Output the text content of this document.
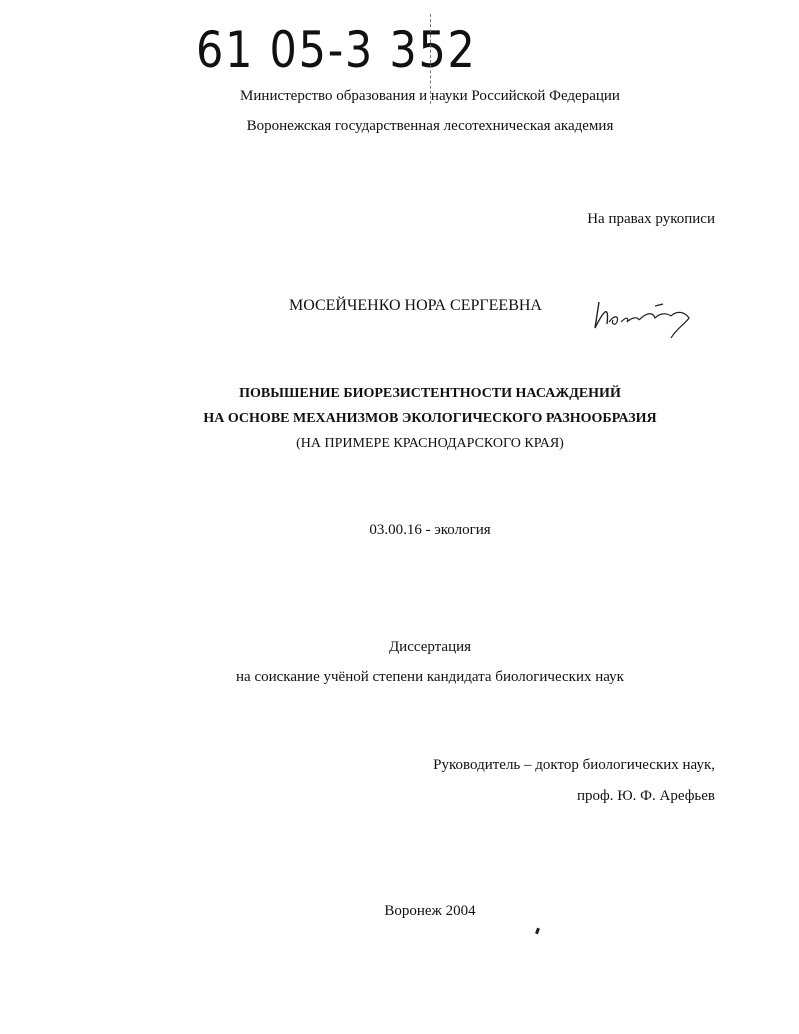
61 05-3 352
Министерство образования и науки Российской Федерации
Воронежская государственная лесотехническая академия
На правах рукописи
МОСЕЙЧЕНКО НОРА СЕРГЕЕВНА
ПОВЫШЕНИЕ БИОРЕЗИСТЕНТНОСТИ НАСАЖДЕНИЙ
НА ОСНОВЕ МЕХАНИЗМОВ ЭКОЛОГИЧЕСКОГО РАЗНООБРАЗИЯ
(НА ПРИМЕРЕ КРАСНОДАРСКОГО КРАЯ)
03.00.16 - экология
Диссертация
на соискание учёной степени кандидата биологических наук
Руководитель – доктор биологических наук,
проф. Ю. Ф. Арефьев
Воронеж 2004
